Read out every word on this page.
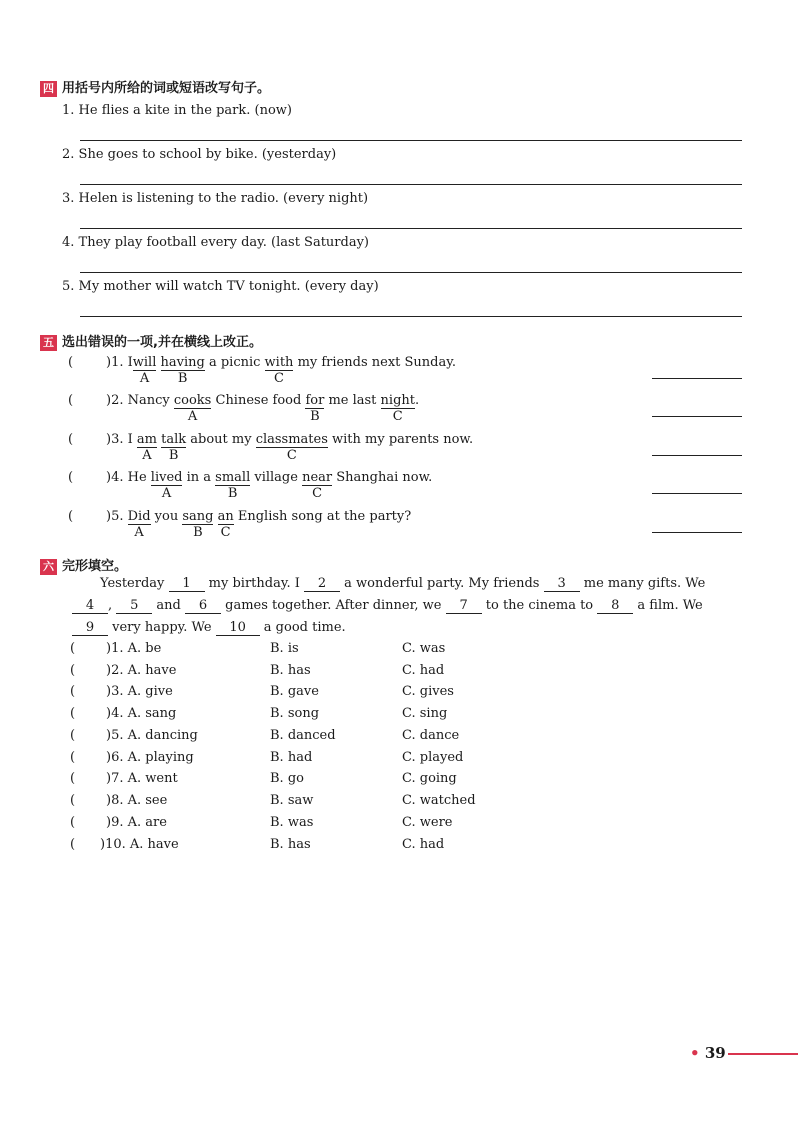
四 用括号内所给的词或短语改写句子。
1. He flies a kite in the park. (now)
2. She goes to school by bike. (yesterday)
3. Helen is listening to the radio. (every night)
4. They play football every day. (last Saturday)
5. My mother will watch TV tonight. (every day)
五 选出错误的一项,并在横线上改正。
(	)1. Iwill
A
having
B
a picnic with
C
my friends next Sunday.
(	)2. Nancy cooks
A
Chinese food for
B
me last night
C
.
(	)3. I am
A
talk
B
about my classmates
C
with my parents now.
(	)4. He lived
A
in a small
B
village near
C
Shanghai now.
(	)5. Did
A
you sang
B
an
C
English song at the party?
六 完形填空。
Yesterday 1 my birthday. I 2 a wonderful party. My friends 3 me many gifts. We
4 , 5 and 6 games together. After dinner, we 7 to the cinema to 8 a film. We
9 very happy. We 10 a good time.
( )1. A. be	B. is	C. was
( )2. A. have	B. has	C. had
( )3. A. give	B. gave	C. gives
( )4. A. sang	B. song	C. sing
( )5. A. dancing	B. danced	C. dance
( )6. A. playing	B. had	C. played
( )7. A. went	B. go	C. going
( )8. A. see	B. saw	C. watched
( )9. A. are	B. was	C. were
( )10. A. have	B. has	C. had
• 39
